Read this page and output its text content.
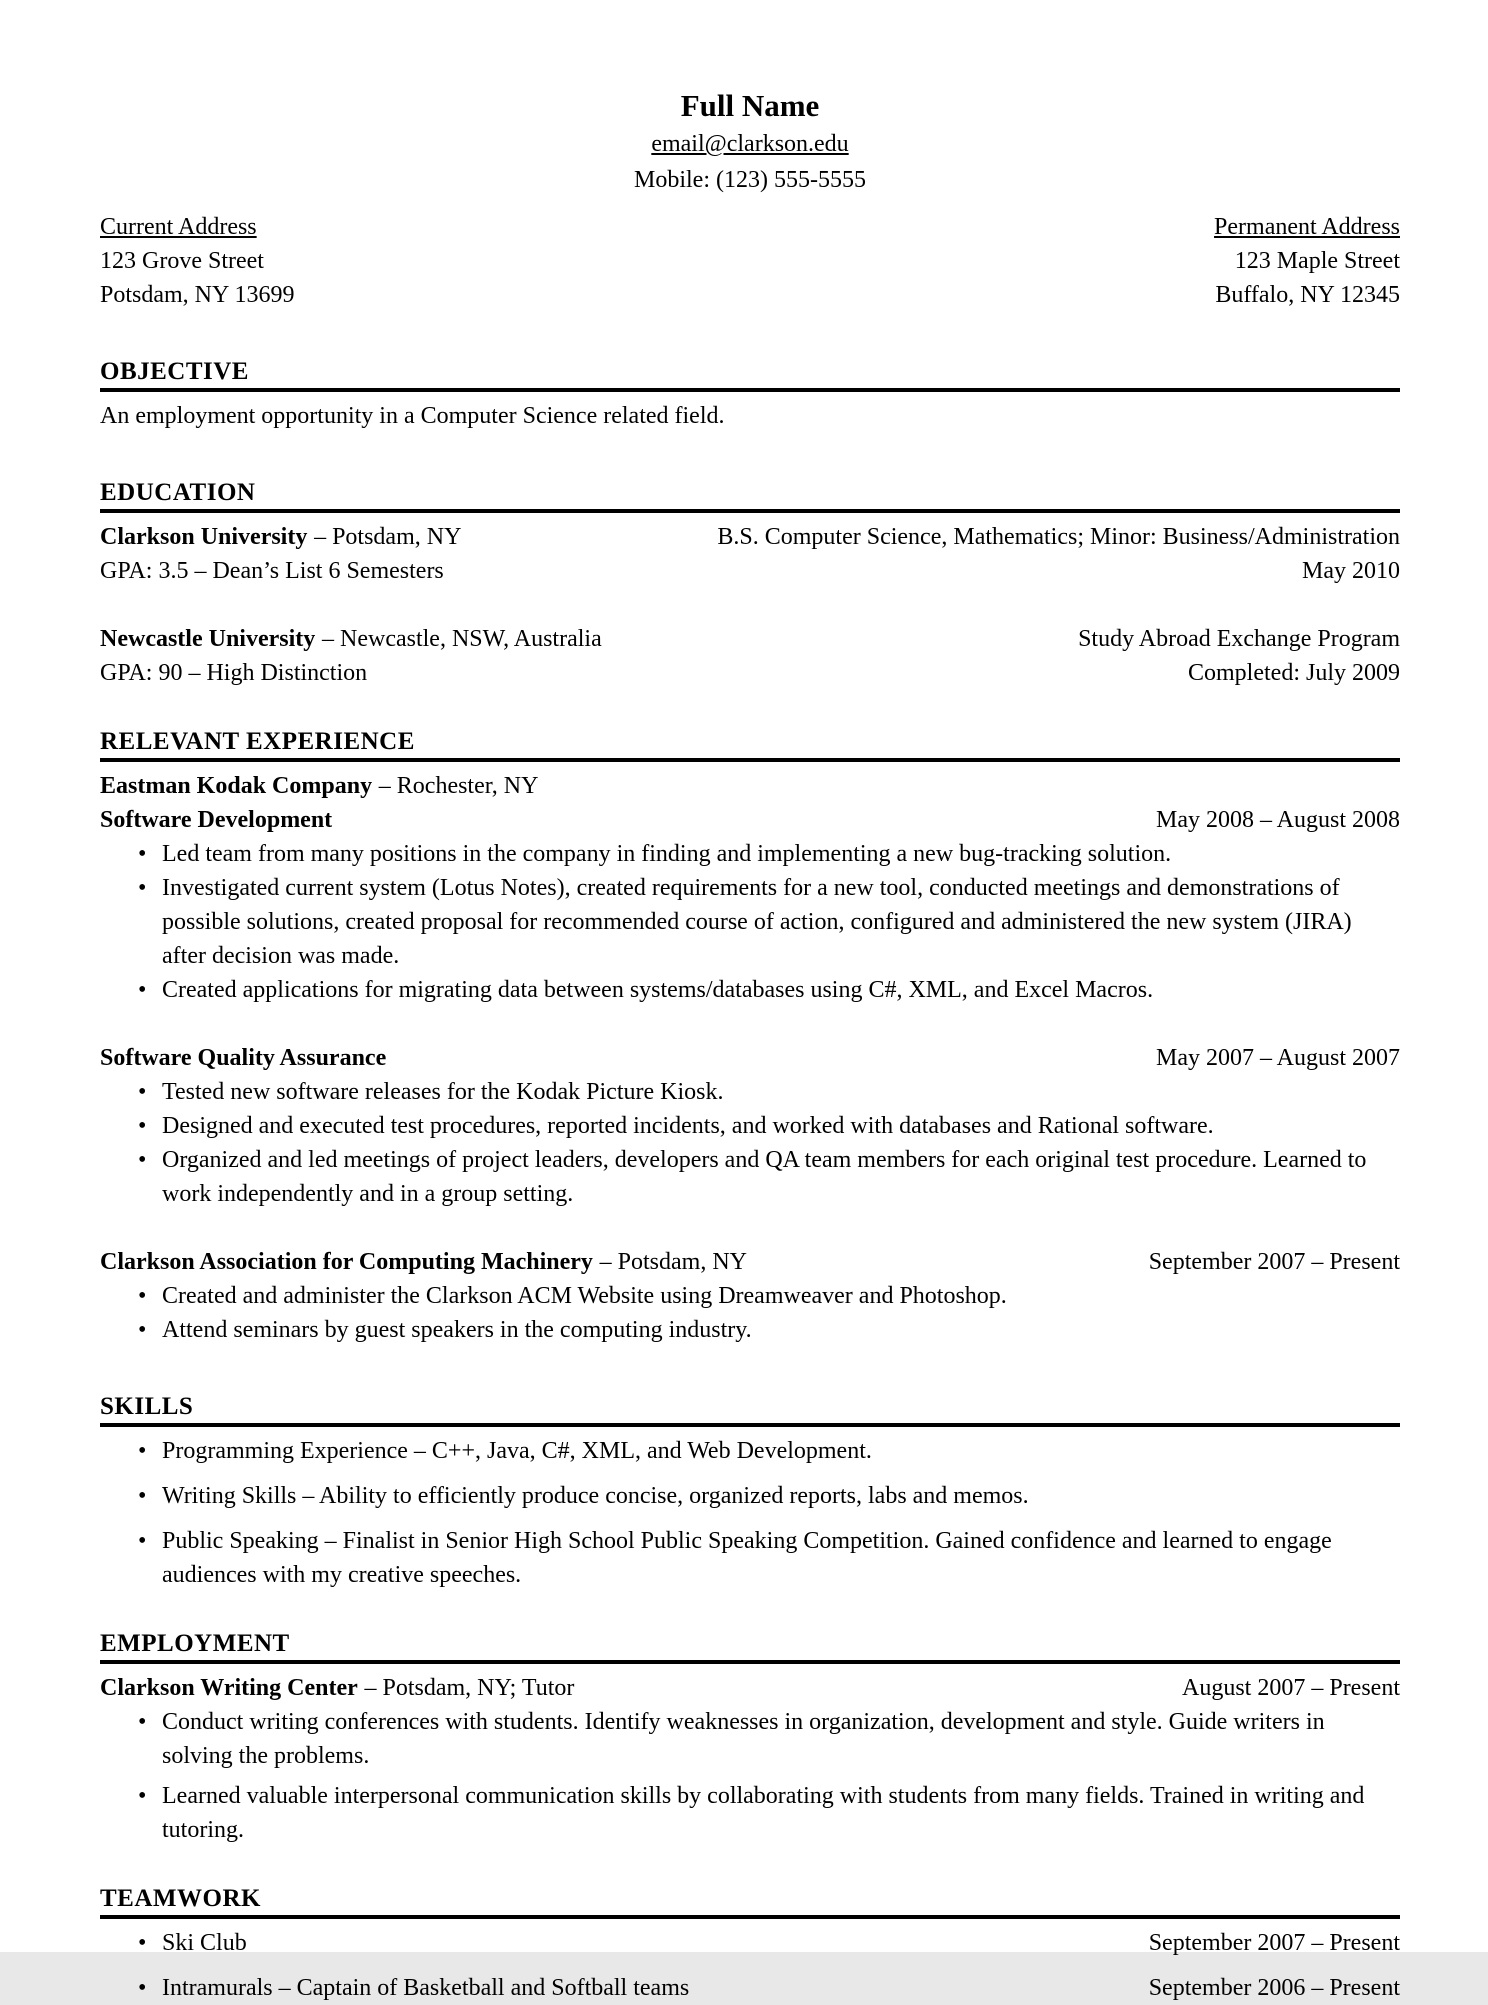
Full Name
email@clarkson.edu
Mobile: (123) 555-5555
Current Address
123 Grove Street
Potsdam, NY 13699
Permanent Address
123 Maple Street
Buffalo, NY 12345
OBJECTIVE
An employment opportunity in a Computer Science related field.
EDUCATION
Clarkson University – Potsdam, NY	B.S. Computer Science, Mathematics; Minor: Business/Administration
GPA: 3.5 – Dean’s List 6 Semesters	May 2010
Newcastle University – Newcastle, NSW, Australia	Study Abroad Exchange Program
GPA: 90 – High Distinction	Completed: July 2009
RELEVANT EXPERIENCE
Eastman Kodak Company – Rochester, NY
Software Development	May 2008 – August 2008
• Led team from many positions in the company in finding and implementing a new bug-tracking solution.
• Investigated current system (Lotus Notes), created requirements for a new tool, conducted meetings and demonstrations of possible solutions, created proposal for recommended course of action, configured and administered the new system (JIRA) after decision was made.
• Created applications for migrating data between systems/databases using C#, XML, and Excel Macros.
Software Quality Assurance	May 2007 – August 2007
• Tested new software releases for the Kodak Picture Kiosk.
• Designed and executed test procedures, reported incidents, and worked with databases and Rational software.
• Organized and led meetings of project leaders, developers and QA team members for each original test procedure. Learned to work independently and in a group setting.
Clarkson Association for Computing Machinery – Potsdam, NY	September 2007 – Present
• Created and administer the Clarkson ACM Website using Dreamweaver and Photoshop.
• Attend seminars by guest speakers in the computing industry.
SKILLS
• Programming Experience – C++, Java, C#, XML, and Web Development.
• Writing Skills – Ability to efficiently produce concise, organized reports, labs and memos.
• Public Speaking – Finalist in Senior High School Public Speaking Competition. Gained confidence and learned to engage audiences with my creative speeches.
EMPLOYMENT
Clarkson Writing Center – Potsdam, NY; Tutor	August 2007 – Present
• Conduct writing conferences with students. Identify weaknesses in organization, development and style. Guide writers in solving the problems.
• Learned valuable interpersonal communication skills by collaborating with students from many fields. Trained in writing and tutoring.
TEAMWORK
• Ski Club	September 2007 – Present
• Intramurals – Captain of Basketball and Softball teams	September 2006 – Present
